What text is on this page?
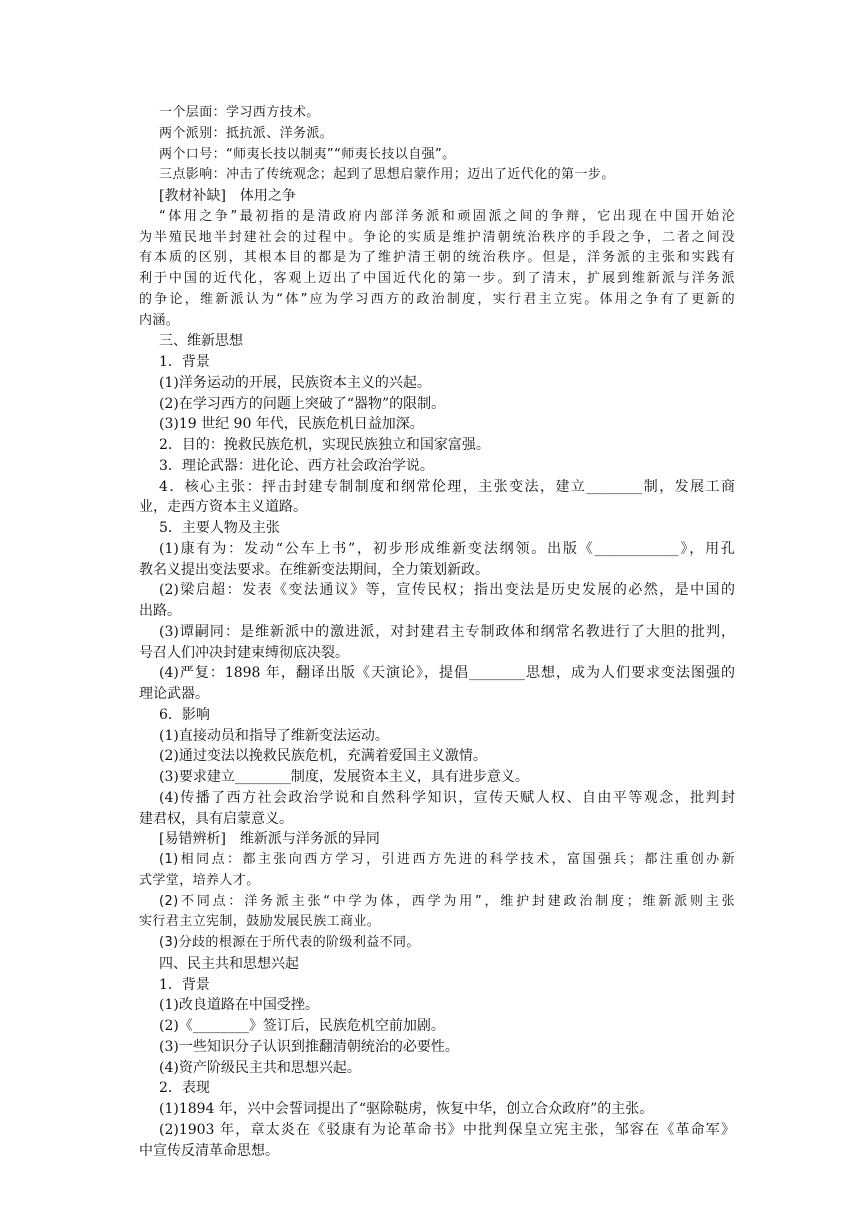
一个层面：学习西方技术。
两个派别：抵抗派、洋务派。
两个口号：“师夷长技以制夷”“师夷长技以自强”。
三点影响：冲击了传统观念；起到了思想启蒙作用；迈出了近代化的第一步。
[教材补缺]　体用之争
“体用之争”最初指的是清政府内部洋务派和顽固派之间的争辩，它出现在中国开始沦
为半殖民地半封建社会的过程中。争论的实质是维护清朝统治秩序的手段之争，二者之间没
有本质的区别，其根本目的都是为了维护清王朝的统治秩序。但是，洋务派的主张和实践有
利于中国的近代化，客观上迈出了中国近代化的第一步。到了清末，扩展到维新派与洋务派
的争论，维新派认为“体”应为学习西方的政治制度，实行君主立宪。体用之争有了更新的
内涵。
三、维新思想
1．背景
(1)洋务运动的开展，民族资本主义的兴起。
(2)在学习西方的问题上突破了“器物”的限制。
(3)19 世纪 90 年代，民族危机日益加深。
2．目的：挽救民族危机，实现民族独立和国家富强。
3．理论武器：进化论、西方社会政治学说。
4．核心主张：抨击封建专制制度和纲常伦理，主张变法，建立________制，发展工商
业，走西方资本主义道路。
5．主要人物及主张
(1)康有为：发动“公车上书”，初步形成维新变法纲领。出版《____________》，用孔
教名义提出变法要求。在维新变法期间，全力策划新政。
(2)梁启超：发表《变法通议》等，宣传民权；指出变法是历史发展的必然，是中国的
出路。
(3)谭嗣同：是维新派中的激进派，对封建君主专制政体和纲常名教进行了大胆的批判，
号召人们冲决封建束缚彻底决裂。
(4)严复：1898 年，翻译出版《天演论》，提倡________思想，成为人们要求变法图强的
理论武器。
6．影响
(1)直接动员和指导了维新变法运动。
(2)通过变法以挽救民族危机，充满着爱国主义激情。
(3)要求建立________制度，发展资本主义，具有进步意义。
(4)传播了西方社会政治学说和自然科学知识，宣传天赋人权、自由平等观念，批判封
建君权，具有启蒙意义。
[易错辨析]　维新派与洋务派的异同
(1)相同点：都主张向西方学习，引进西方先进的科学技术，富国强兵；都注重创办新
式学堂，培养人才。
(2)不同点：洋务派主张“中学为体，西学为用”，维护封建政治制度；维新派则主张
实行君主立宪制，鼓励发展民族工商业。
(3)分歧的根源在于所代表的阶级利益不同。
四、民主共和思想兴起
1．背景
(1)改良道路在中国受挫。
(2)《________》签订后，民族危机空前加剧。
(3)一些知识分子认识到推翻清朝统治的必要性。
(4)资产阶级民主共和思想兴起。
2．表现
(1)1894 年，兴中会誓词提出了“驱除鞑虏，恢复中华，创立合众政府”的主张。
(2)1903 年，章太炎在《驳康有为论革命书》中批判保皇立宪主张，邹容在《革命军》
中宣传反清革命思想。
